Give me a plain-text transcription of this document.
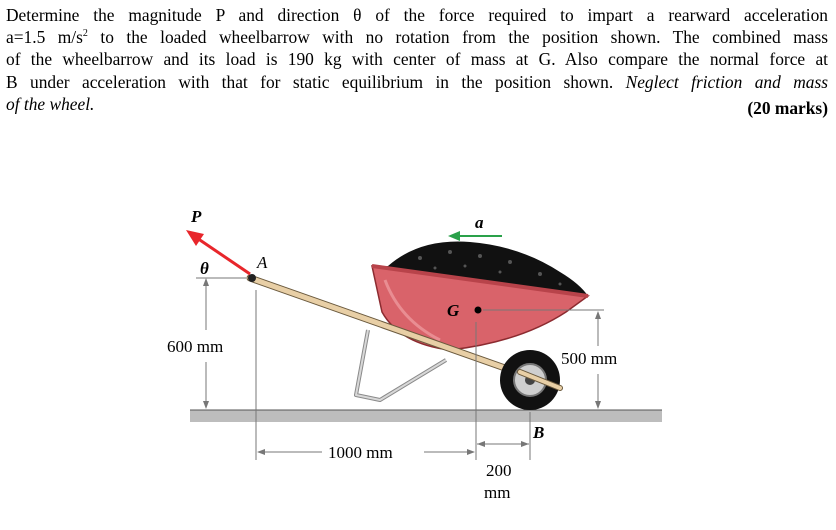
Determine the magnitude P and direction θ of the force required to impart a rearward acceleration
a=1.5 $m/s^2$ to the loaded wheelbarrow with no rotation from the position shown. The combined mass
of the wheelbarrow and its load is 190 kg with center of mass at G. Also compare the normal force at
B under acceleration with that for static equilibrium in the position shown. Neglect friction and mass
of the wheel.	(20 marks)
P
θ	A
a
G
B
600 mm
500 mm
1000 mm
200
mm
